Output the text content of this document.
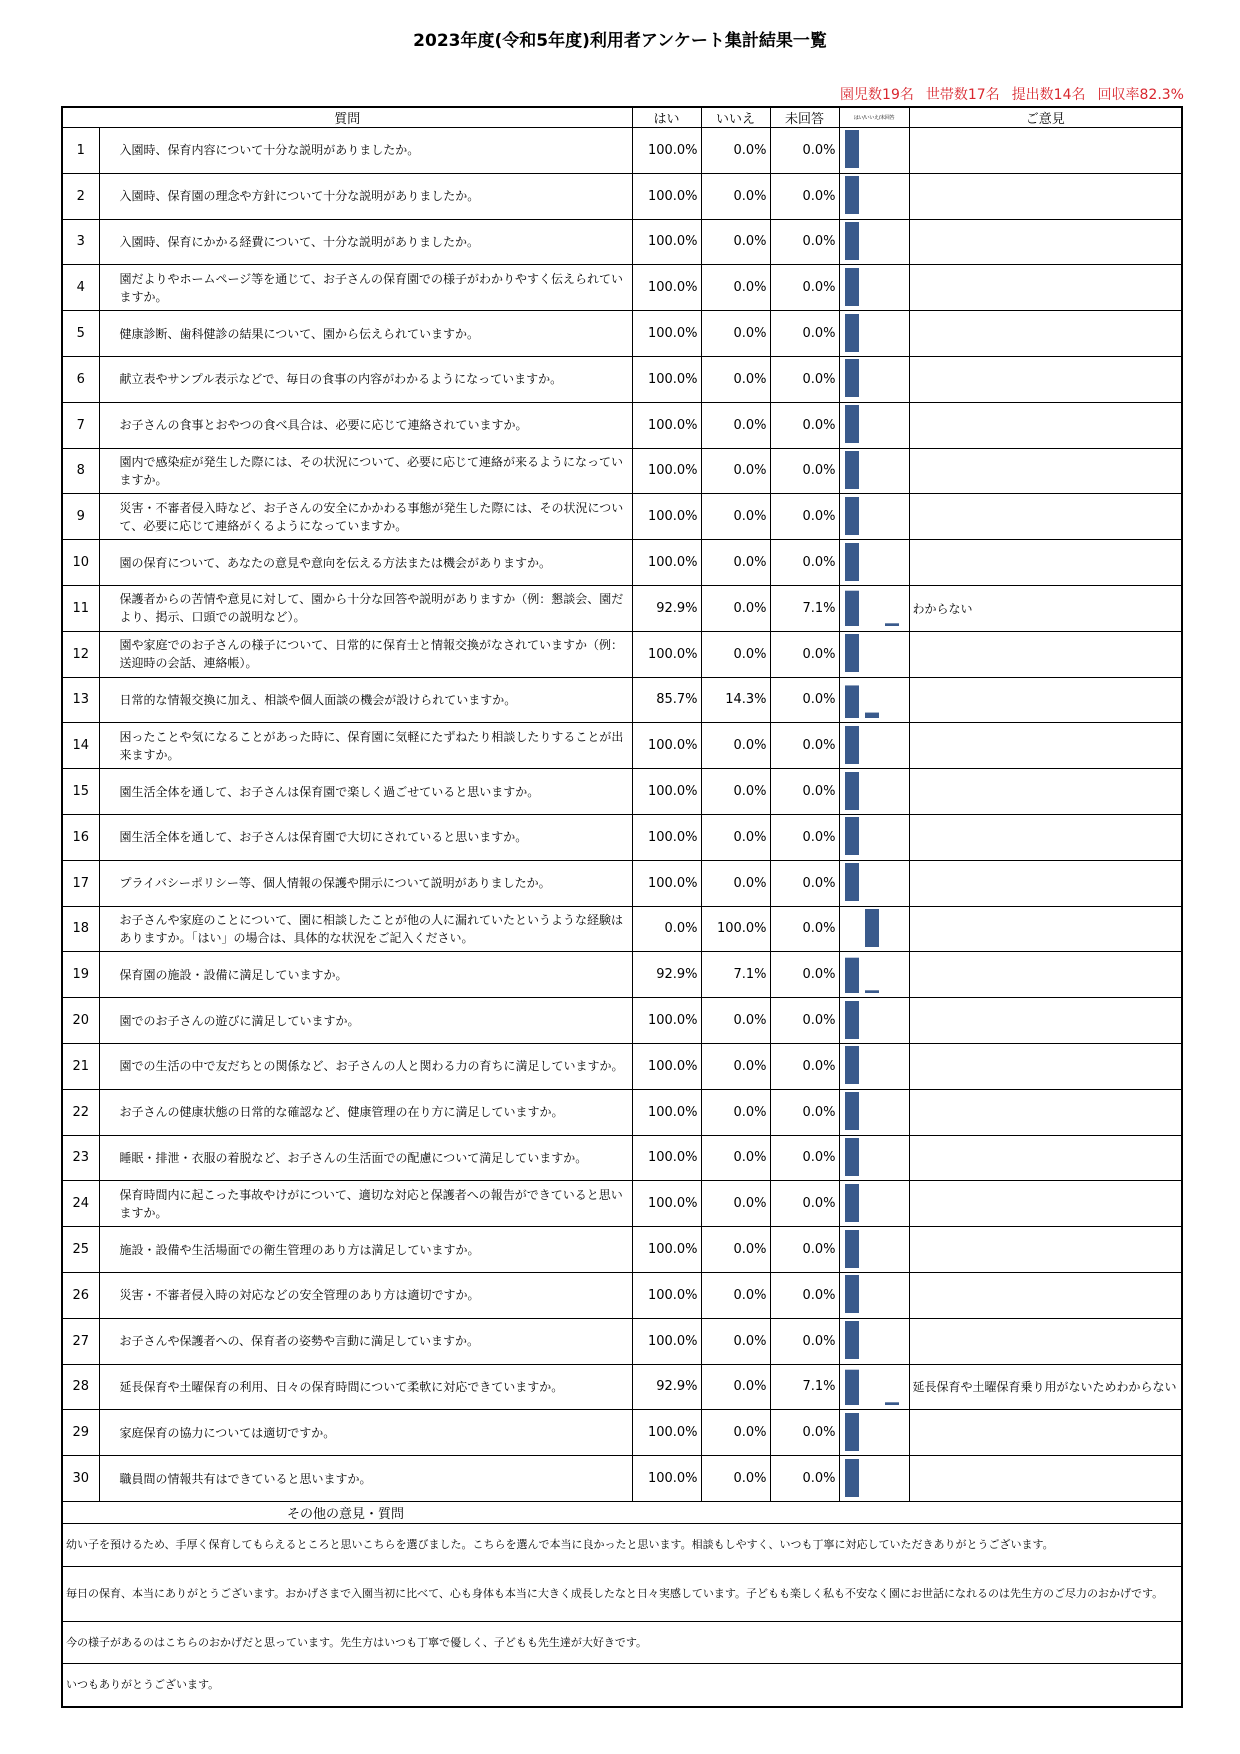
2023年度(令和5年度)利用者アンケート集計結果一覧
園児数19名 世帯数17名 提出数14名 回収率82.3%
質問		はい	いいえ	未回答	はい/いいえ/未回答	ご意見
1	入園時、保育内容について十分な説明がありましたか。	100.0%	0.0%	0.0%	

2	入園時、保育園の理念や方針について十分な説明がありましたか。	100.0%	0.0%	0.0%	

3	入園時、保育にかかる経費について、十分な説明がありましたか。	100.0%	0.0%	0.0%	

4	園だよりやホームページ等を通じて、お子さんの保育園での様子がわかりやすく伝えられていますか。	100.0%	0.0%	0.0%	

5	健康診断、歯科健診の結果について、園から伝えられていますか。	100.0%	0.0%	0.0%	

6	献立表やサンプル表示などで、毎日の食事の内容がわかるようになっていますか。	100.0%	0.0%	0.0%	

7	お子さんの食事とおやつの食べ具合は、必要に応じて連絡されていますか。	100.0%	0.0%	0.0%	

8	園内で感染症が発生した際には、その状況について、必要に応じて連絡が来るようになっていますか。	100.0%	0.0%	0.0%	

9	災害・不審者侵入時など、お子さんの安全にかかわる事態が発生した際には、その状況について、必要に応じて連絡がくるようになっていますか。	100.0%	0.0%	0.0%	

10	園の保育について、あなたの意見や意向を伝える方法または機会がありますか。	100.0%	0.0%	0.0%	

11	保護者からの苦情や意見に対して、園から十分な回答や説明がありますか（例：懇談会、園だより、掲示、口頭での説明など）。	92.9%	0.0%	7.1%		わからない
12	園や家庭でのお子さんの様子について、日常的に保育士と情報交換がなされていますか（例：送迎時の会話、連絡帳）。	100.0%	0.0%	0.0%	

13	日常的な情報交換に加え、相談や個人面談の機会が設けられていますか。	85.7%	14.3%	0.0%	

14	困ったことや気になることがあった時に、保育園に気軽にたずねたり相談したりすることが出来ますか。	100.0%	0.0%	0.0%	

15	園生活全体を通して、お子さんは保育園で楽しく過ごせていると思いますか。	100.0%	0.0%	0.0%	

16	園生活全体を通して、お子さんは保育園で大切にされていると思いますか。	100.0%	0.0%	0.0%	

17	プライバシーポリシー等、個人情報の保護や開示について説明がありましたか。	100.0%	0.0%	0.0%	

18	お子さんや家庭のことについて、園に相談したことが他の人に漏れていたというような経験はありますか。「はい」の場合は、具体的な状況をご記入ください。	0.0%	100.0%	0.0%	

19	保育園の施設・設備に満足していますか。	92.9%	7.1%	0.0%	

20	園でのお子さんの遊びに満足していますか。	100.0%	0.0%	0.0%	

21	園での生活の中で友だちとの関係など、お子さんの人と関わる力の育ちに満足していますか。	100.0%	0.0%	0.0%	

22	お子さんの健康状態の日常的な確認など、健康管理の在り方に満足していますか。	100.0%	0.0%	0.0%	

23	睡眠・排泄・衣服の着脱など、お子さんの生活面での配慮について満足していますか。	100.0%	0.0%	0.0%	

24	保育時間内に起こった事故やけがについて、適切な対応と保護者への報告ができていると思いますか。	100.0%	0.0%	0.0%	

25	施設・設備や生活場面での衛生管理のあり方は満足していますか。	100.0%	0.0%	0.0%	

26	災害・不審者侵入時の対応などの安全管理のあり方は適切ですか。	100.0%	0.0%	0.0%	

27	お子さんや保護者への、保育者の姿勢や言動に満足していますか。	100.0%	0.0%	0.0%	

28	延長保育や土曜保育の利用、日々の保育時間について柔軟に対応できていますか。	92.9%	0.0%	7.1%		延長保育や土曜保育乗り用がないためわからない
29	家庭保育の協力については適切ですか。	100.0%	0.0%	0.0%	

30	職員間の情報共有はできていると思いますか。	100.0%	0.0%	0.0%	

その他の意見・質問						
幼い子を預けるため、手厚く保育してもらえるところと思いこちらを選びました。こちらを選んで本当に良かったと思います。相談もしやすく、いつも丁寧に対応していただきありがとうございます。						
毎日の保育、本当にありがとうございます。おかげさまで入園当初に比べて、心も身体も本当に大きく成長したなと日々実感しています。子どもも楽しく私も不安なく園にお世話になれるのは先生方のご尽力のおかげです。						
今の様子があるのはこちらのおかげだと思っています。先生方はいつも丁寧で優しく、子どもも先生達が大好きです。						
いつもありがとうございます。						
